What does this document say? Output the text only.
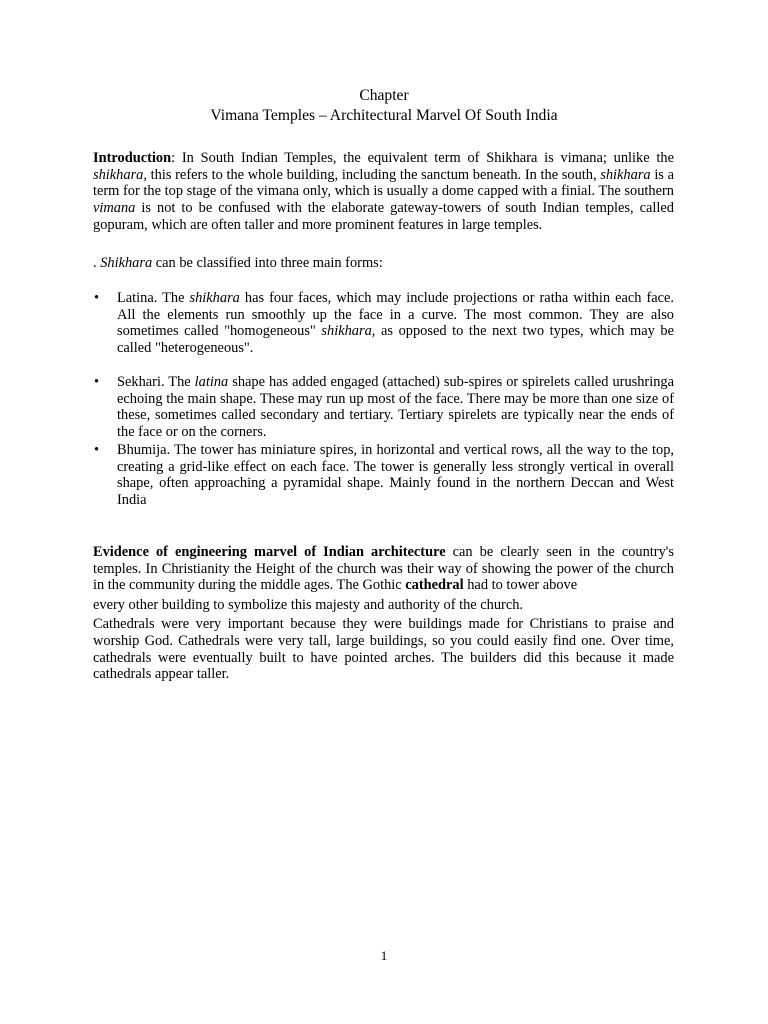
Chapter
Vimana Temples – Architectural Marvel Of South India
Introduction: In South Indian Temples, the equivalent term of Shikhara is vimana; unlike the shikhara, this refers to the whole building, including the sanctum beneath. In the south, shikhara is a term for the top stage of the vimana only, which is usually a dome capped with a finial. The southern vimana is not to be confused with the elaborate gateway-towers of south Indian temples, called gopuram, which are often taller and more prominent features in large temples.
. Shikhara can be classified into three main forms:
• Latina. The shikhara has four faces, which may include projections or ratha within each face. All the elements run smoothly up the face in a curve. The most common. They are also sometimes called "homogeneous" shikhara, as opposed to the next two types, which may be called "heterogeneous".
• Sekhari. The latina shape has added engaged (attached) sub-spires or spirelets called urushringa echoing the main shape. These may run up most of the face. There may be more than one size of these, sometimes called secondary and tertiary. Tertiary spirelets are typically near the ends of the face or on the corners.
• Bhumija. The tower has miniature spires, in horizontal and vertical rows, all the way to the top, creating a grid-like effect on each face. The tower is generally less strongly vertical in overall shape, often approaching a pyramidal shape. Mainly found in the northern Deccan and West India
Evidence of engineering marvel of Indian architecture can be clearly seen in the country's temples. In Christianity the Height of the church was their way of showing the power of the church in the community during the middle ages. The Gothic cathedral had to tower above
every other building to symbolize this majesty and authority of the church.
Cathedrals were very important because they were buildings made for Christians to praise and worship God. Cathedrals were very tall, large buildings, so you could easily find one. Over time, cathedrals were eventually built to have pointed arches. The builders did this because it made cathedrals appear taller.
1
